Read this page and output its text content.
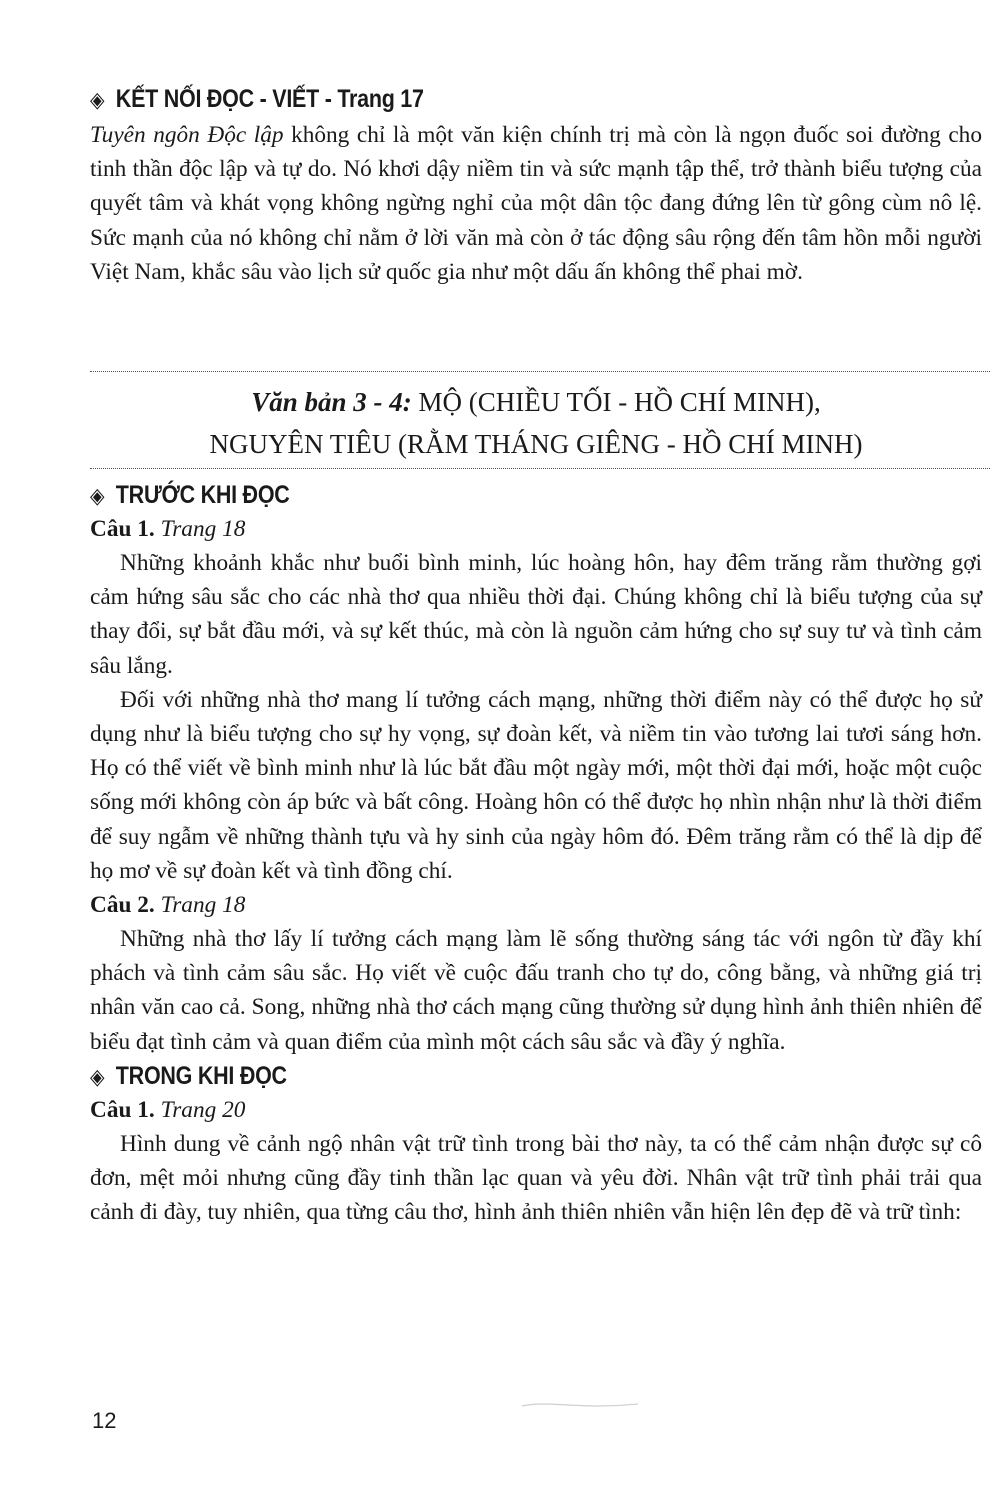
◈ KẾT NỐI ĐỌC - VIẾT - Trang 17

Tuyên ngôn Độc lập không chỉ là một văn kiện chính trị mà còn là ngọn đuốc soi đường cho tinh thần độc lập và tự do. Nó khơi dậy niềm tin và sức mạnh tập thể, trở thành biểu tượng của quyết tâm và khát vọng không ngừng nghỉ của một dân tộc đang đứng lên từ gông cùm nô lệ. Sức mạnh của nó không chỉ nằm ở lời văn mà còn ở tác động sâu rộng đến tâm hồn mỗi người Việt Nam, khắc sâu vào lịch sử quốc gia như một dấu ấn không thể phai mờ.

Văn bản 3 - 4: MỘ (CHIỀU TỐI - HỒ CHÍ MINH),
NGUYÊN TIÊU (RẰM THÁNG GIÊNG - HỒ CHÍ MINH)
◈ TRƯỚC KHI ĐỌC
Câu 1. Trang 18

Những khoảnh khắc như buổi bình minh, lúc hoàng hôn, hay đêm trăng rằm thường gợi cảm hứng sâu sắc cho các nhà thơ qua nhiều thời đại. Chúng không chỉ là biểu tượng của sự thay đổi, sự bắt đầu mới, và sự kết thúc, mà còn là nguồn cảm hứng cho sự suy tư và tình cảm sâu lắng.

Đối với những nhà thơ mang lí tưởng cách mạng, những thời điểm này có thể được họ sử dụng như là biểu tượng cho sự hy vọng, sự đoàn kết, và niềm tin vào tương lai tươi sáng hơn. Họ có thể viết về bình minh như là lúc bắt đầu một ngày mới, một thời đại mới, hoặc một cuộc sống mới không còn áp bức và bất công. Hoàng hôn có thể được họ nhìn nhận như là thời điểm để suy ngẫm về những thành tựu và hy sinh của ngày hôm đó. Đêm trăng rằm có thể là dịp để họ mơ về sự đoàn kết và tình đồng chí.

Câu 2. Trang 18

Những nhà thơ lấy lí tưởng cách mạng làm lẽ sống thường sáng tác với ngôn từ đầy khí phách và tình cảm sâu sắc. Họ viết về cuộc đấu tranh cho tự do, công bằng, và những giá trị nhân văn cao cả. Song, những nhà thơ cách mạng cũng thường sử dụng hình ảnh thiên nhiên để biểu đạt tình cảm và quan điểm của mình một cách sâu sắc và đầy ý nghĩa.

◈ TRONG KHI ĐỌC
Câu 1. Trang 20

Hình dung về cảnh ngộ nhân vật trữ tình trong bài thơ này, ta có thể cảm nhận được sự cô đơn, mệt mỏi nhưng cũng đầy tinh thần lạc quan và yêu đời. Nhân vật trữ tình phải trải qua cảnh đi đày, tuy nhiên, qua từng câu thơ, hình ảnh thiên nhiên vẫn hiện lên đẹp đẽ và trữ tình:

12
